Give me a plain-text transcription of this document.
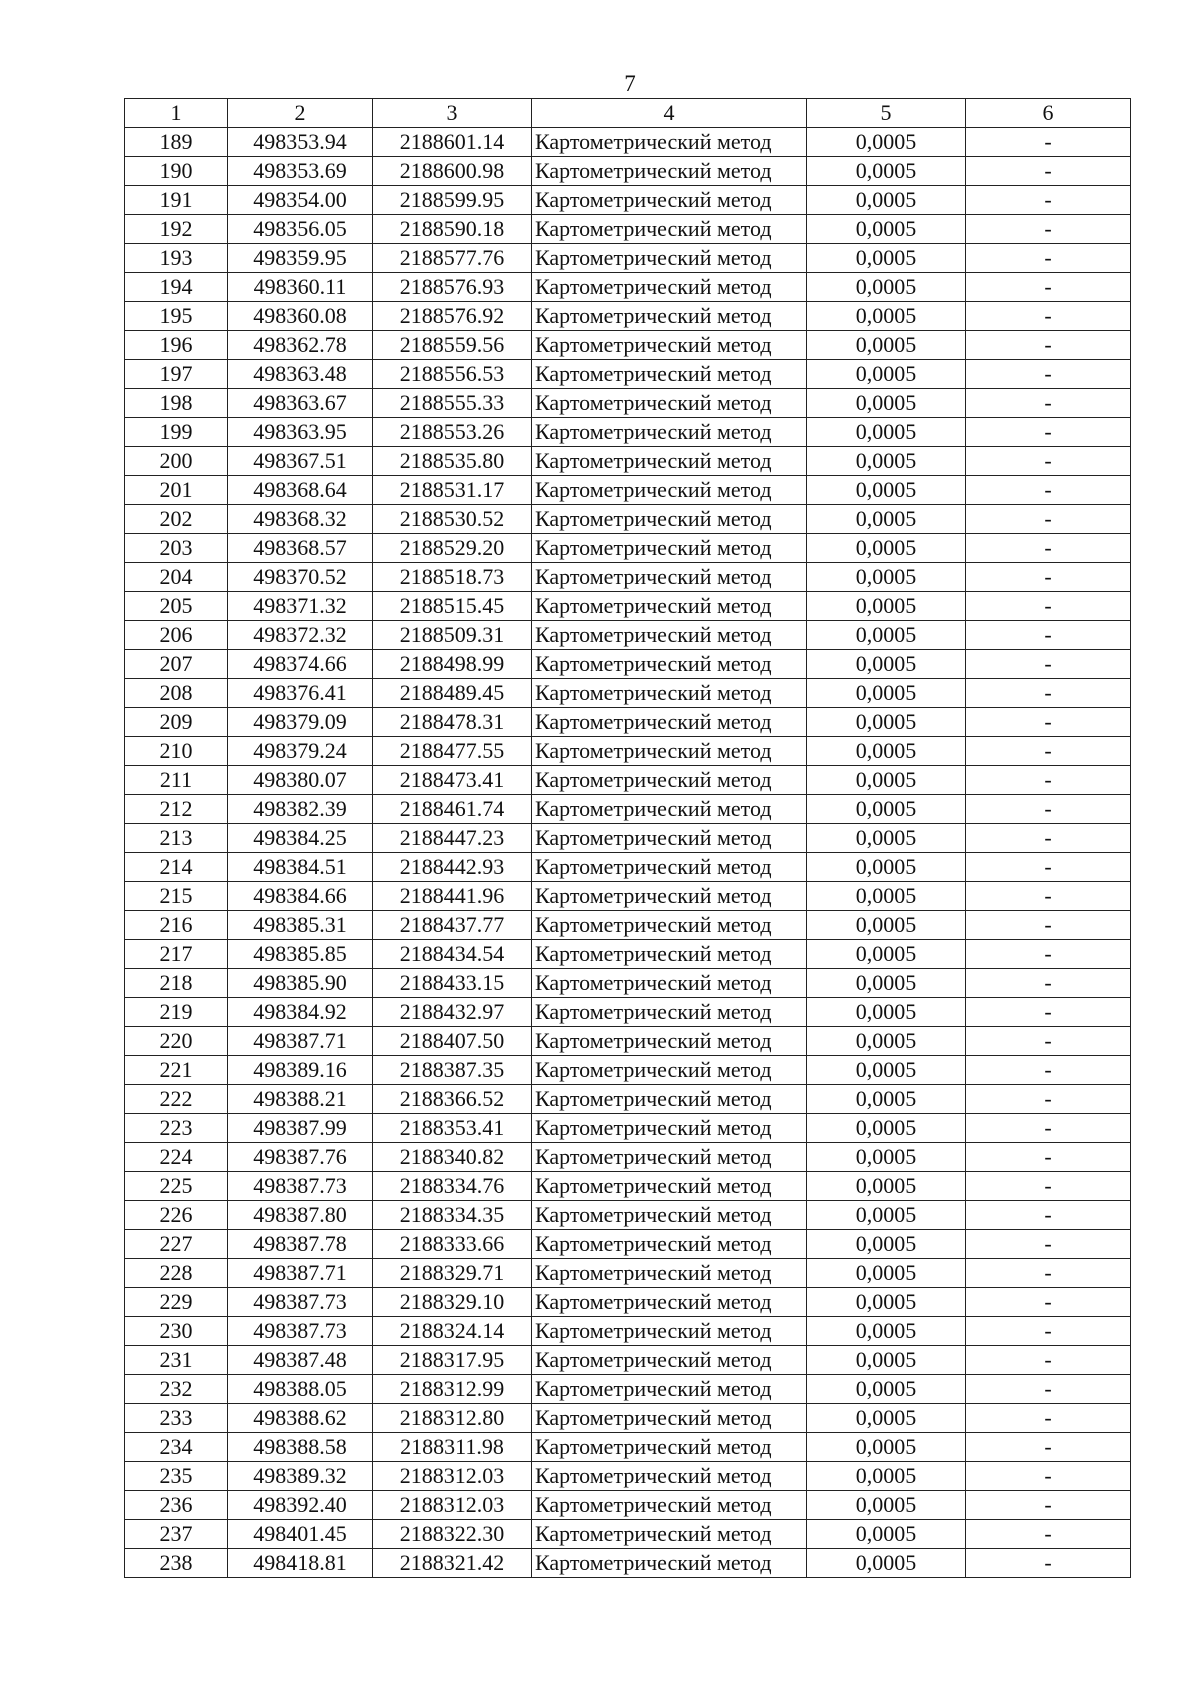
7
1	2	3	4	5	6
189	498353.94	2188601.14	Картометрический метод	0,0005	-
190	498353.69	2188600.98	Картометрический метод	0,0005	-
191	498354.00	2188599.95	Картометрический метод	0,0005	-
192	498356.05	2188590.18	Картометрический метод	0,0005	-
193	498359.95	2188577.76	Картометрический метод	0,0005	-
194	498360.11	2188576.93	Картометрический метод	0,0005	-
195	498360.08	2188576.92	Картометрический метод	0,0005	-
196	498362.78	2188559.56	Картометрический метод	0,0005	-
197	498363.48	2188556.53	Картометрический метод	0,0005	-
198	498363.67	2188555.33	Картометрический метод	0,0005	-
199	498363.95	2188553.26	Картометрический метод	0,0005	-
200	498367.51	2188535.80	Картометрический метод	0,0005	-
201	498368.64	2188531.17	Картометрический метод	0,0005	-
202	498368.32	2188530.52	Картометрический метод	0,0005	-
203	498368.57	2188529.20	Картометрический метод	0,0005	-
204	498370.52	2188518.73	Картометрический метод	0,0005	-
205	498371.32	2188515.45	Картометрический метод	0,0005	-
206	498372.32	2188509.31	Картометрический метод	0,0005	-
207	498374.66	2188498.99	Картометрический метод	0,0005	-
208	498376.41	2188489.45	Картометрический метод	0,0005	-
209	498379.09	2188478.31	Картометрический метод	0,0005	-
210	498379.24	2188477.55	Картометрический метод	0,0005	-
211	498380.07	2188473.41	Картометрический метод	0,0005	-
212	498382.39	2188461.74	Картометрический метод	0,0005	-
213	498384.25	2188447.23	Картометрический метод	0,0005	-
214	498384.51	2188442.93	Картометрический метод	0,0005	-
215	498384.66	2188441.96	Картометрический метод	0,0005	-
216	498385.31	2188437.77	Картометрический метод	0,0005	-
217	498385.85	2188434.54	Картометрический метод	0,0005	-
218	498385.90	2188433.15	Картометрический метод	0,0005	-
219	498384.92	2188432.97	Картометрический метод	0,0005	-
220	498387.71	2188407.50	Картометрический метод	0,0005	-
221	498389.16	2188387.35	Картометрический метод	0,0005	-
222	498388.21	2188366.52	Картометрический метод	0,0005	-
223	498387.99	2188353.41	Картометрический метод	0,0005	-
224	498387.76	2188340.82	Картометрический метод	0,0005	-
225	498387.73	2188334.76	Картометрический метод	0,0005	-
226	498387.80	2188334.35	Картометрический метод	0,0005	-
227	498387.78	2188333.66	Картометрический метод	0,0005	-
228	498387.71	2188329.71	Картометрический метод	0,0005	-
229	498387.73	2188329.10	Картометрический метод	0,0005	-
230	498387.73	2188324.14	Картометрический метод	0,0005	-
231	498387.48	2188317.95	Картометрический метод	0,0005	-
232	498388.05	2188312.99	Картометрический метод	0,0005	-
233	498388.62	2188312.80	Картометрический метод	0,0005	-
234	498388.58	2188311.98	Картометрический метод	0,0005	-
235	498389.32	2188312.03	Картометрический метод	0,0005	-
236	498392.40	2188312.03	Картометрический метод	0,0005	-
237	498401.45	2188322.30	Картометрический метод	0,0005	-
238	498418.81	2188321.42	Картометрический метод	0,0005	-
